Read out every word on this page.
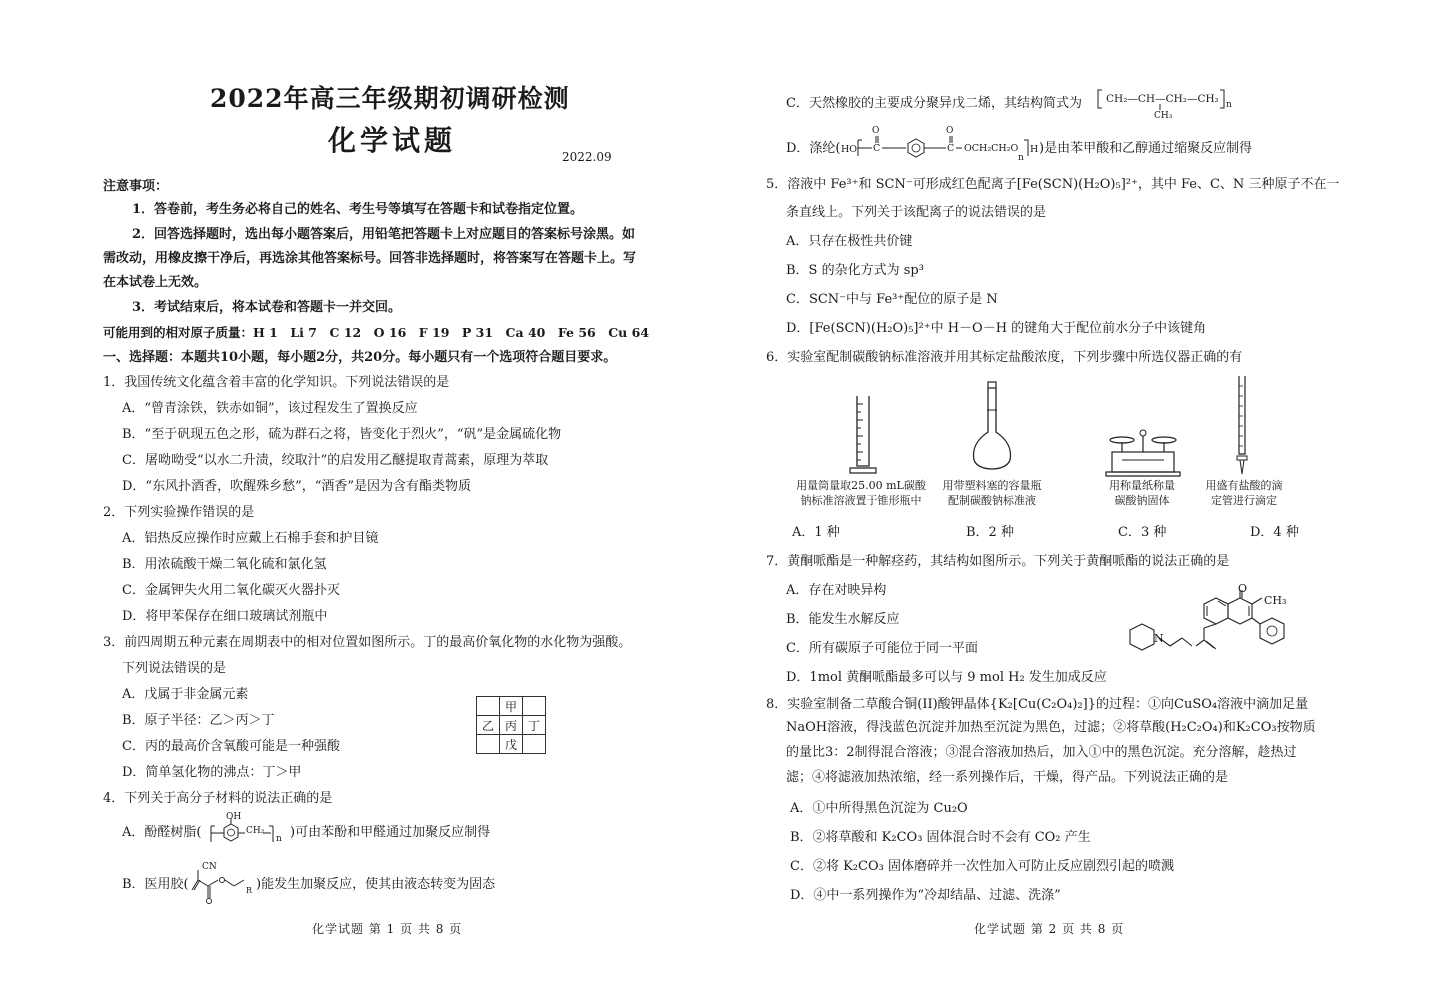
2022年高三年级期初调研检测
化学试题	2022.09
注意事项：
1．答卷前，考生务必将自己的姓名、考生号等填写在答题卡和试卷指定位置。
2．回答选择题时，选出每小题答案后，用铅笔把答题卡上对应题目的答案标号涂黑。如
需改动，用橡皮擦干净后，再选涂其他答案标号。回答非选择题时，将答案写在答题卡上。写
在本试卷上无效。
3．考试结束后，将本试卷和答题卡一并交回。
可能用到的相对原子质量：H 1　Li 7　C 12　O 16　F 19　P 31　Ca 40　Fe 56　Cu 64
一、选择题：本题共10小题，每小题2分，共20分。每小题只有一个选项符合题目要求。
1．我国传统文化蕴含着丰富的化学知识。下列说法错误的是
A．“曾青涂铁，铁赤如铜”，该过程发生了置换反应
B．“至于矾现五色之形，硫为群石之将，皆变化于烈火”，“矾”是金属硫化物
C．屠呦呦受“以水二升渍，绞取汁”的启发用乙醚提取青蒿素，原理为萃取
D．“东风扑酒香，吹醒殊乡愁”，“酒香”是因为含有酯类物质
2．下列实验操作错误的是
A．铝热反应操作时应戴上石棉手套和护目镜
B．用浓硫酸干燥二氧化硫和氯化氢
C．金属钾失火用二氧化碳灭火器扑灭
D．将甲苯保存在细口玻璃试剂瓶中
3．前四周期五种元素在周期表中的相对位置如图所示。丁的最高价氧化物的水化物为强酸。
下列说法错误的是
A．戊属于非金属元素
B．原子半径：乙＞丙＞丁
C．丙的最高价含氧酸可能是一种强酸
D．简单氢化物的沸点：丁＞甲
	甲	
乙	丙	丁
	戊	
4．下列关于高分子材料的说法正确的是
A．酚醛树脂(
OH
CH₂
n )可由苯酚和甲醛通过加聚反应制得
B．医用胶(
CN
R )能发生加聚反应，使其由液态转变为固态
化学试题 第 1 页 共 8 页
C．天然橡胶的主要成分聚异戊二烯，其结构简式为 CH₂—CH—CH₂—CH₂
CH₃
n
D．涤纶( HO
O	O
C	C OCH₂CH₂O
n
H )是由苯甲酸和乙醇通过缩聚反应制得
5．溶液中 Fe³⁺和 SCN⁻可形成红色配离子[Fe(SCN)(H₂O)₅]²⁺，其中 Fe、C、N 三种原子不在一
条直线上。下列关于该配离子的说法错误的是
A．只存在极性共价键
B．S 的杂化方式为 sp³
C．SCN⁻中与 Fe³⁺配位的原子是 N
D．[Fe(SCN)(H₂O)₅]²⁺中 H－O－H 的键角大于配位前水分子中该键角
6．实验室配制碳酸钠标准溶液并用其标定盐酸浓度，下列步骤中所选仪器正确的有
用量筒量取25.00 mL碳酸
钠标准溶液置于锥形瓶中
用带塑料塞的容量瓶
配制碳酸钠标准液
用称量纸称量
碳酸钠固体
用盛有盐酸的滴
定管进行滴定
A．1 种	B．2 种	C．3 种	D．4 种
7．黄酮哌酯是一种解痉药，其结构如图所示。下列关于黄酮哌酯的说法正确的是
A．存在对映异构
B．能发生水解反应
C．所有碳原子可能位于同一平面
D．1mol 黄酮哌酯最多可以与 9 mol H₂ 发生加成反应
O
CH₃
N
8．实验室制备二草酸合铜(II)酸钾晶体{K₂[Cu(C₂O₄)₂]}的过程：①向CuSO₄溶液中滴加足量
NaOH溶液，得浅蓝色沉淀并加热至沉淀为黑色，过滤；②将草酸(H₂C₂O₄)和K₂CO₃按物质
的量比3：2制得混合溶液；③混合溶液加热后，加入①中的黑色沉淀。充分溶解，趁热过
滤；④将滤液加热浓缩，经一系列操作后，干燥，得产品。下列说法正确的是
A．①中所得黑色沉淀为 Cu₂O
B．②将草酸和 K₂CO₃ 固体混合时不会有 CO₂ 产生
C．②将 K₂CO₃ 固体磨碎并一次性加入可防止反应剧烈引起的喷溅
D．④中一系列操作为“冷却结晶、过滤、洗涤”
化学试题 第 2 页 共 8 页
